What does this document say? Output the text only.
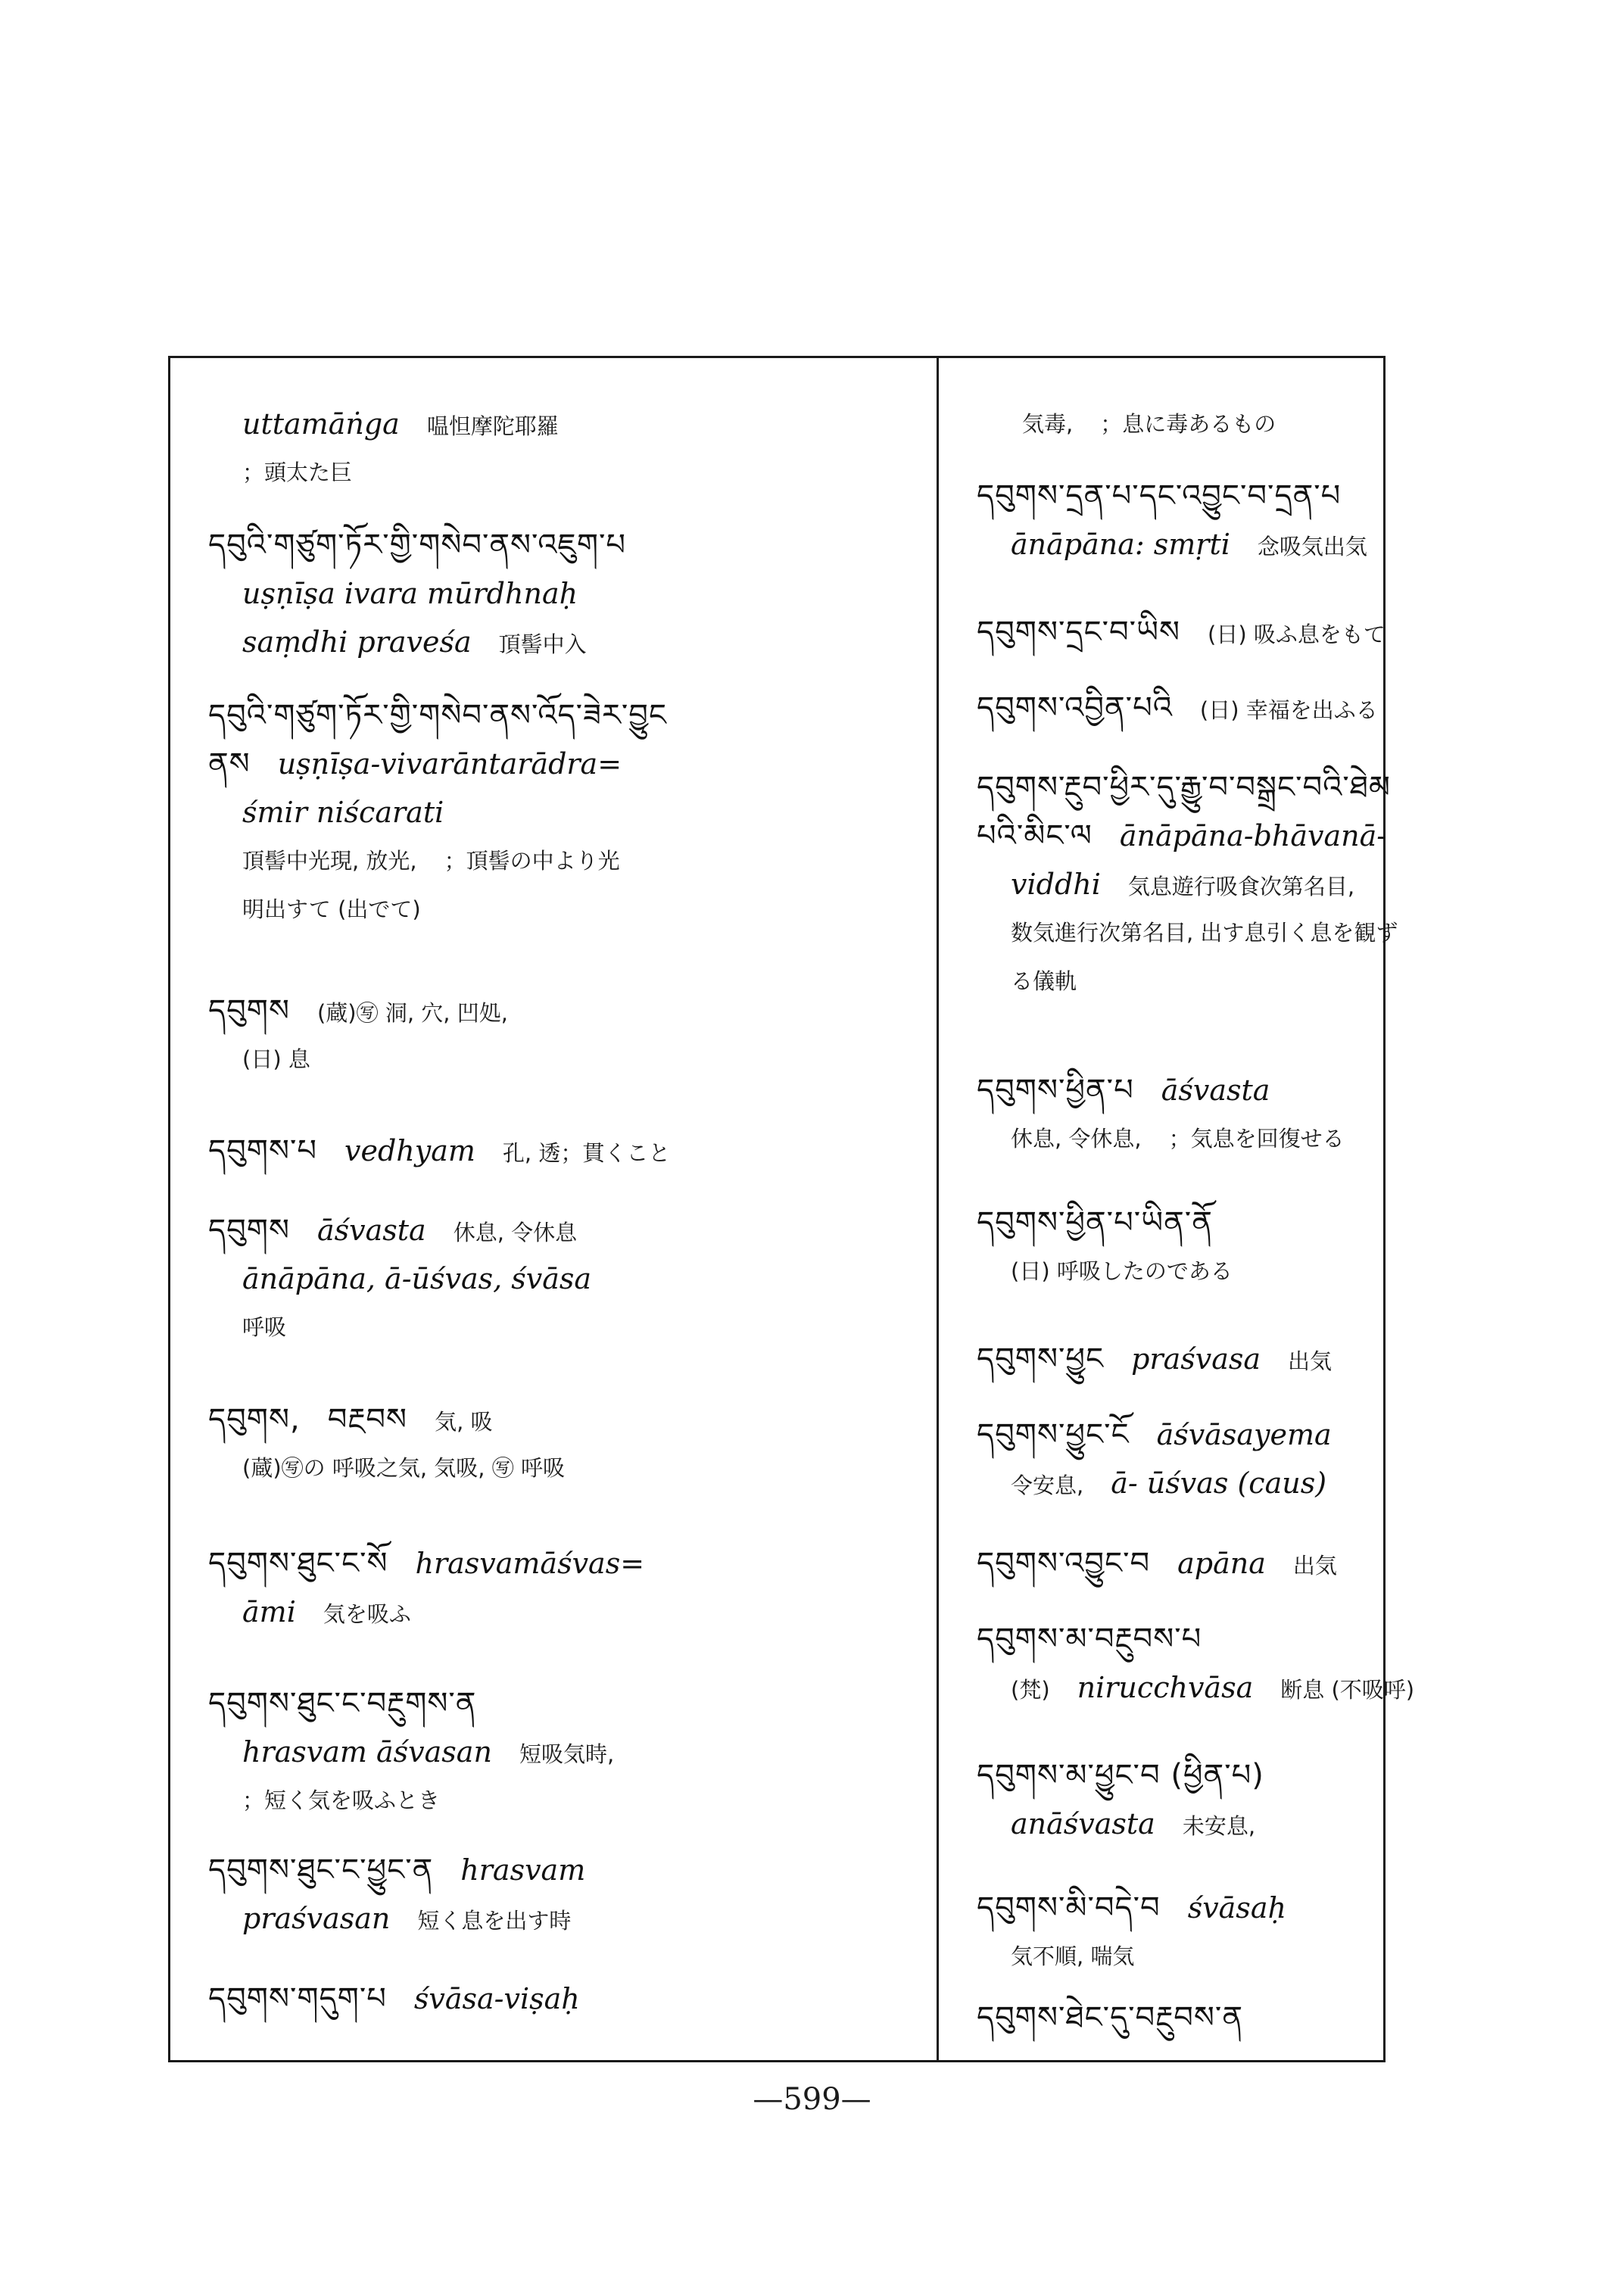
uttamāṅga 嗢怛摩陀耶羅
；頭太た巨
དབུའི་གཙུག་ཏོར་གྱི་གསེབ་ནས་འཇུག་པ
uṣṇīṣa ivara mūrdhnaḥ
saṃdhi praveśa 頂髻中入
དབུའི་གཙུག་ཏོར་གྱི་གསེབ་ནས་འོད་ཟེར་བྱུང
ནས uṣṇīṣa-vivarāntarādra=
śmir niścarati
頂髻中光現, 放光, ；頂髻の中より光
明出すて (出でて)
དབུགས (蔵)㊢ 洞, 穴, 凹処,
(日) 息
དབུགས་པ vedhyam 孔, 透；貫くこと
དབུགས āśvasta 休息, 令休息
ānāpāna, ā-ūśvas, śvāsa
呼吸
དབུགས, བརྔབས 気, 吸
(蔵)㊢の 呼吸之気, 気吸, ㊢ 呼吸
དབུགས་ཐུང་ང་སོ hrasvamāśvas=
āmi 気を吸ふ
དབུགས་ཐུང་ང་བརྔུགས་ན
hrasvam āśvasan 短吸気時,
；短く気を吸ふとき
དབུགས་ཐུང་ང་ཕྱུང་ན hrasvam
praśvasan 短く息を出す時
དབུགས་གདུག་པ śvāsa-viṣaḥ
気毒, ；息に毒あるもの
དབུགས་དྲན་པ་དང་འབྱུང་བ་དྲན་པ
ānāpāna: smṛti 念吸気出気
དབུགས་དྲང་བ་ཡིས (日) 吸ふ息をもて
དབུགས་འབྱིན་པའི (日) 幸福を出ふる
དབུགས་རྔུབ་ཕྱིར་དུ་རྒྱུ་བ་བསྒྲང་བའི་ཐེམ
པའི་མིང་ལ ānāpāna-bhāvanā-
viddhi 気息遊行吸食次第名目,
数気進行次第名目, 出す息引く息を観ず
る儀軌
དབུགས་ཕྱིན་པ āśvasta
休息, 令休息, ；気息を回復せる
དབུགས་ཕྱིན་པ་ཡིན་ནོ
(日) 呼吸したのである
དབུགས་ཕྱུང praśvasa 出気
དབུགས་ཕྱུང་ངོ āśvāsayema
令安息, ā- ūśvas (caus)
དབུགས་འབྱུང་བ apāna 出気
དབུགས་མ་བརྔུབས་པ
(梵) nirucchvāsa 断息 (不吸呼)
དབུགས་མ་ཕྱུང་བ (ཕྱིན་པ)
anāśvasta 未安息,
དབུགས་མི་བདེ་བ śvāsaḥ
気不順, 喘気
དབུགས་ཐེང་དུ་བརྔུབས་ན
—599—
